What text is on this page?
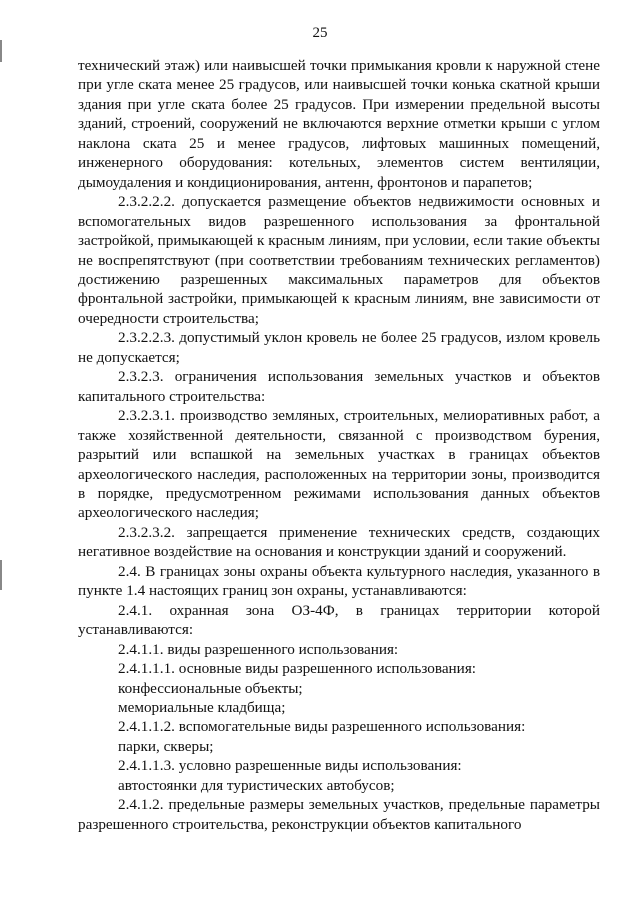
25

технический этаж) или наивысшей точки примыкания кровли к наружной стене при угле ската менее 25 градусов, или наивысшей точки конька скатной крыши здания при угле ската более 25 градусов. При измерении предельной высоты зданий, строений, сооружений не включаются верхние отметки крыши с углом наклона ската 25 и менее градусов, лифтовых машинных помещений, инженерного оборудования: котельных, элементов систем вентиляции, дымоудаления и кондиционирования, антенн, фронтонов и парапетов;

2.3.2.2.2. допускается размещение объектов недвижимости основных и вспомогательных видов разрешенного использования за фронтальной застройкой, примыкающей к красным линиям, при условии, если такие объекты не воспрепятствуют (при соответствии требованиям технических регламентов) достижению разрешенных максимальных параметров для объектов фронтальной застройки, примыкающей к красным линиям, вне зависимости от очередности строительства;

2.3.2.2.3. допустимый уклон кровель не более 25 градусов, излом кровель не допускается;

2.3.2.3. ограничения использования земельных участков и объектов капитального строительства:

2.3.2.3.1. производство земляных, строительных, мелиоративных работ, а также хозяйственной деятельности, связанной с производством бурения, разрытий или вспашкой на земельных участках в границах объектов археологического наследия, расположенных на территории зоны, производится в порядке, предусмотренном режимами использования данных объектов археологического наследия;

2.3.2.3.2. запрещается применение технических средств, создающих негативное воздействие на основания и конструкции зданий и сооружений.

2.4. В границах зоны охраны объекта культурного наследия, указанного в пункте 1.4 настоящих границ зон охраны, устанавливаются:

2.4.1. охранная зона ОЗ-4Ф, в границах территории которой устанавливаются:

2.4.1.1. виды разрешенного использования:

2.4.1.1.1. основные виды разрешенного использования:

конфессиональные объекты;

мемориальные кладбища;

2.4.1.1.2. вспомогательные виды разрешенного использования:

парки, скверы;

2.4.1.1.3. условно разрешенные виды использования:

автостоянки для туристических автобусов;

2.4.1.2. предельные размеры земельных участков, предельные параметры разрешенного строительства, реконструкции объектов капитального
